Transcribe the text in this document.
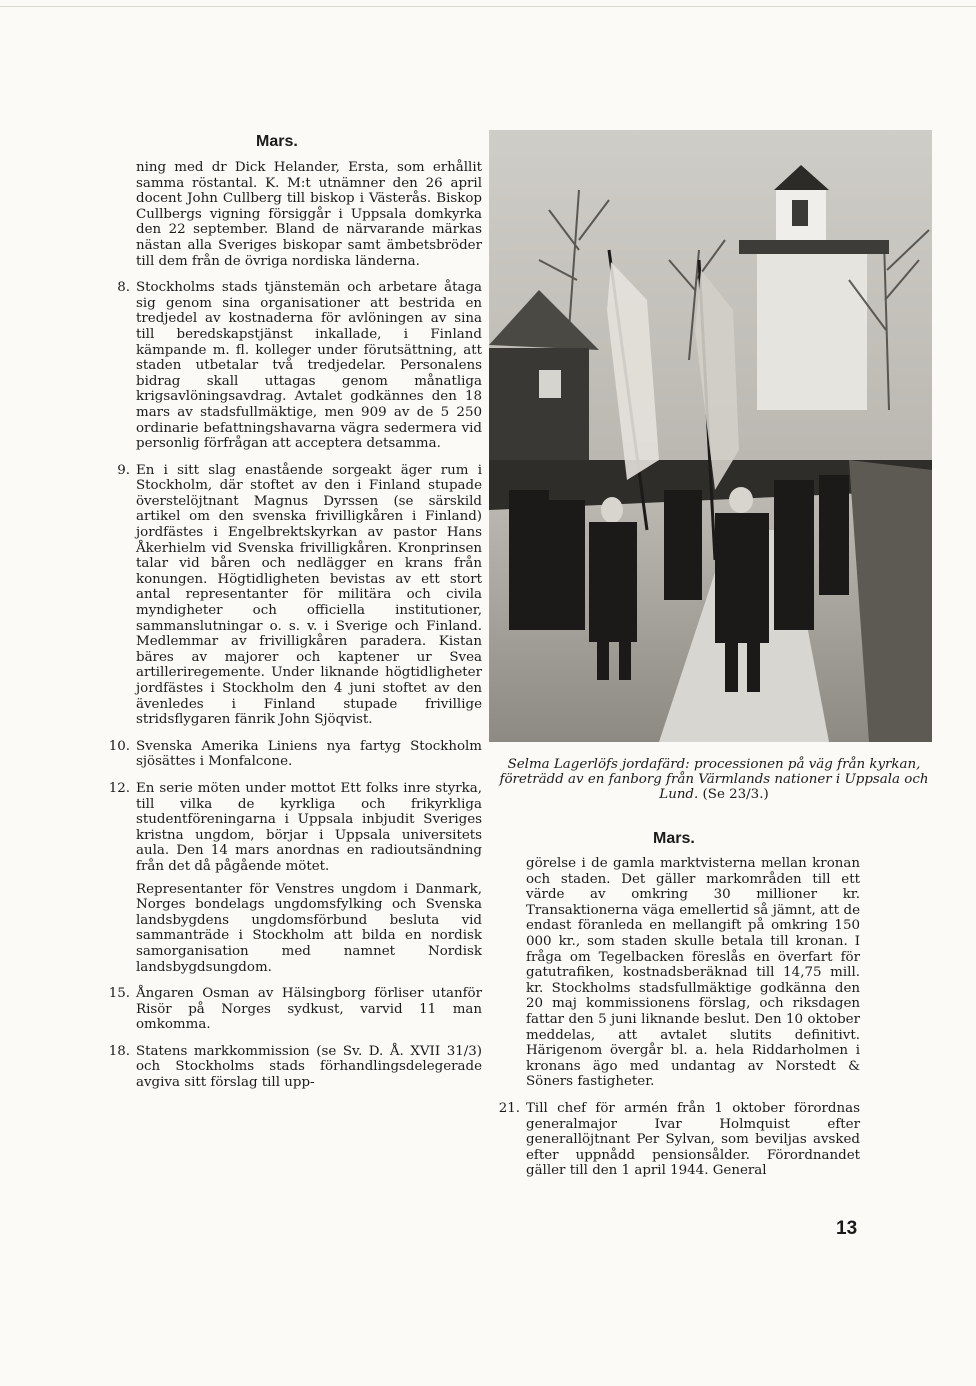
Mars.

ning med dr Dick Helander, Ersta, som erhållit samma röstantal. K. M:t utnämner den 26 april docent John Cullberg till biskop i Västerås. Biskop Cullbergs vigning försiggår i Uppsala domkyrka den 22 september. Bland de närvarande märkas nästan alla Sveriges biskopar samt ämbetsbröder till dem från de övriga nordiska länderna.

8. Stockholms stads tjänstemän och arbetare åtaga sig genom sina organisationer att bestrida en tredjedel av kostnaderna för avlöningen av sina till beredskapstjänst inkallade, i Finland kämpande m. fl. kolleger under förutsättning, att staden utbetalar två tredjedelar. Personalens bidrag skall uttagas genom månatliga krigsavlöningsavdrag. Avtalet godkännes den 18 mars av stadsfullmäktige, men 909 av de 5 250 ordinarie befattningshavarna vägra sedermera vid personlig förfrågan att acceptera detsamma.

9. En i sitt slag enastående sorgeakt äger rum i Stockholm, där stoftet av den i Finland stupade överstelöjtnant Magnus Dyrssen (se särskild artikel om den svenska frivilligkåren i Finland) jordfästes i Engelbrektskyrkan av pastor Hans Åkerhielm vid Svenska frivilligkåren. Kronprinsen talar vid båren och nedlägger en krans från konungen. Högtidligheten bevistas av ett stort antal representanter för militära och civila myndigheter och officiella institutioner, sammanslutningar o. s. v. i Sverige och Finland. Medlemmar av frivilligkåren paradera. Kistan bäres av majorer och kaptener ur Svea artilleriregemente. Under liknande högtidligheter jordfästes i Stockholm den 4 juni stoftet av den ävenledes i Finland stupade frivillige stridsflygaren fänrik John Sjöqvist.

10. Svenska Amerika Liniens nya fartyg Stockholm sjösättes i Monfalcone.

12. En serie möten under mottot Ett folks inre styrka, till vilka de kyrkliga och frikyrkliga studentföreningarna i Uppsala inbjudit Sveriges kristna ungdom, börjar i Uppsala universitets aula. Den 14 mars anordnas en radioutsändning från det då pågående mötet.

Representanter för Venstres ungdom i Danmark, Norges bondelags ungdomsfylking och Svenska landsbygdens ungdomsförbund besluta vid sammanträde i Stockholm att bilda en nordisk samorganisation med namnet Nordisk landsbygdsungdom.

15. Ångaren Osman av Hälsingborg förliser utanför Risör på Norges sydkust, varvid 11 man omkomma.

18. Statens markkommission (se Sv. D. Å. XVII 31/3) och Stockholms stads förhandlingsdelegerade avgiva sitt förslag till upp-

Selma Lagerlöfs jordafärd: processionen på väg från kyrkan, företrädd av en fanborg från Värmlands nationer i Uppsala och Lund. (Se 23/3.)
Mars.

görelse i de gamla marktvisterna mellan kronan och staden. Det gäller markområden till ett värde av omkring 30 millioner kr. Transaktionerna väga emellertid så jämnt, att de endast föranleda en mellangift på omkring 150 000 kr., som staden skulle betala till kronan. I fråga om Tegelbacken föreslås en överfart för gatutrafiken, kostnadsberäknad till 14,75 mill. kr. Stockholms stadsfullmäktige godkänna den 20 maj kommissionens förslag, och riksdagen fattar den 5 juni liknande beslut. Den 10 oktober meddelas, att avtalet slutits definitivt. Härigenom övergår bl. a. hela Riddarholmen i kronans ägo med undantag av Norstedt & Söners fastigheter.

21. Till chef för armén från 1 oktober förordnas generalmajor Ivar Holmquist efter generallöjtnant Per Sylvan, som beviljas avsked efter uppnådd pensionsålder. Förordnandet gäller till den 1 april 1944. General

13
